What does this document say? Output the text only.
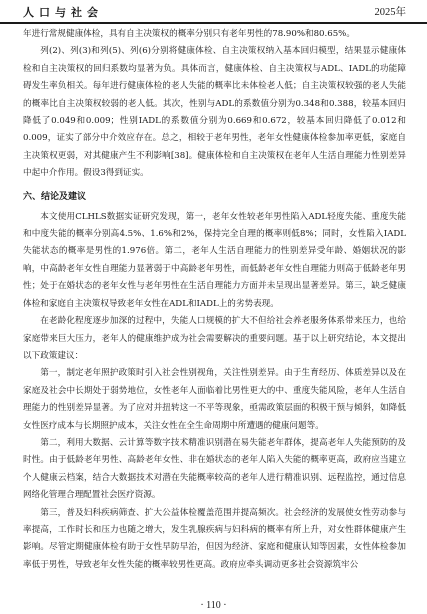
人口与社会	2025年

年进行常规健康体检，具有自主决策权的概率分别只有老年男性的78.90%和80.65%。

列(2)、列(3)和列(5)、列(6)分别将健康体检、自主决策权纳入基本回归模型，结果显示健康体检和自主决策权的回归系数均显著为负。具体而言，健康体检、自主决策权与ADL、IADL的功能障碍发生率负相关。每年进行健康体检的老人失能的概率比未体检老人低；自主决策权较强的老人失能的概率比自主决策权较弱的老人低。其次，性别与ADL的系数值分别为0.348和0.388，较基本回归降低了0.049和0.009；性别IADL的系数值分别为0.669和0.672，较基本回归降低了0.012和0.009，证实了部分中介效应存在。总之，相较于老年男性，老年女性健康体检参加率更低，家庭自主决策权更弱，对其健康产生不利影响[38]。健康体检和自主决策权在老年人生活自理能力性别差异中起中介作用。假设3得到证实。

六、结论及建议

本文使用CLHLS数据实证研究发现，第一，老年女性较老年男性陷入ADL轻度失能、重度失能和中度失能的概率分别高4.5%、1.6%和2%，保持完全自理的概率则低8%；同时，女性陷入IADL失能状态的概率是男性的1.976倍。第二，老年人生活自理能力的性别差异受年龄、婚姻状况的影响，中高龄老年女性自理能力显著弱于中高龄老年男性，而低龄老年女性自理能力则高于低龄老年男性；处于在婚状态的老年女性与老年男性在生活自理能力方面并未呈现出显著差异。第三，缺乏健康体检和家庭自主决策权导致老年女性在ADL和IADL上的劣势表现。

在老龄化程度逐步加深的过程中，失能人口规模的扩大不但给社会养老服务体系带来压力，也给家庭带来巨大压力，老年人的健康维护成为社会需要解决的重要问题。基于以上研究结论，本文提出以下政策建议：

第一，制定老年照护政策时引入社会性别视角，关注性别差异。由于生育经历、体质差异以及在家庭及社会中长期处于弱势地位，女性老年人面临着比男性更大的中、重度失能风险，老年人生活自理能力的性别差异显著。为了应对并扭转这一不平等现象，亟需政策层面的积极干预与倾斜，如降低女性医疗成本与长期照护成本，关注女性在全生命周期中所遭遇的健康问题等。

第二，利用大数据、云计算等数字技术精准识别潜在易失能老年群体，提高老年人失能预防的及时性。由于低龄老年男性、高龄老年女性、非在婚状态的老年人陷入失能的概率更高，政府应当建立个人健康云档案，结合大数据技术对潜在失能概率较高的老年人进行精准识别、远程监控，通过信息网络化管理合理配置社会医疗资源。

第三，普及妇科疾病筛查、扩大公益体检覆盖范围并提高频次。社会经济的发展使女性劳动参与率提高，工作时长和压力也随之增大，发生乳腺疾病与妇科病的概率有所上升，对女性群体健康产生影响。尽管定期健康体检有助于女性早防早治，但因为经济、家庭和健康认知等因素，女性体检参加率低于男性，导致老年女性失能的概率较男性更高。政府应牵头调动更多社会资源筑牢公

· 110 ·
